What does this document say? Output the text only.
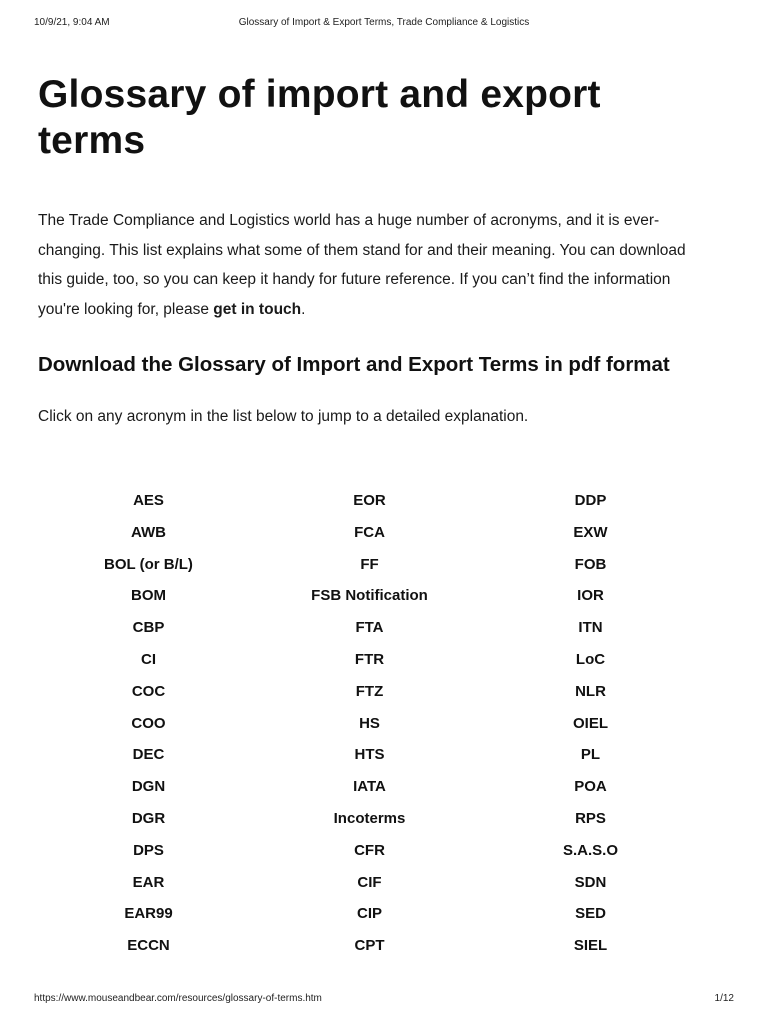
10/9/21, 9:04 AM	Glossary of Import & Export Terms, Trade Compliance & Logistics
Glossary of import and export terms

The Trade Compliance and Logistics world has a huge number of acronyms, and it is ever-changing. This list explains what some of them stand for and their meaning. You can download this guide, too, so you can keep it handy for future reference. If you can’t find the information you're looking for, please get in touch.

Download the Glossary of Import and Export Terms in pdf format

Click on any acronym in the list below to jump to a detailed explanation.

AES	EOR	DDP
AWB	FCA	EXW
BOL (or B/L)	FF	FOB
BOM	FSB Notification	IOR
CBP	FTA	ITN
CI	FTR	LoC
COC	FTZ	NLR
COO	HS	OIEL
DEC	HTS	PL
DGN	IATA	POA
DGR	Incoterms	RPS
DPS	CFR	S.A.S.O
EAR	CIF	SDN
EAR99	CIP	SED
ECCN	CPT	SIEL
https://www.mouseandbear.com/resources/glossary-of-terms.htm	1/12
